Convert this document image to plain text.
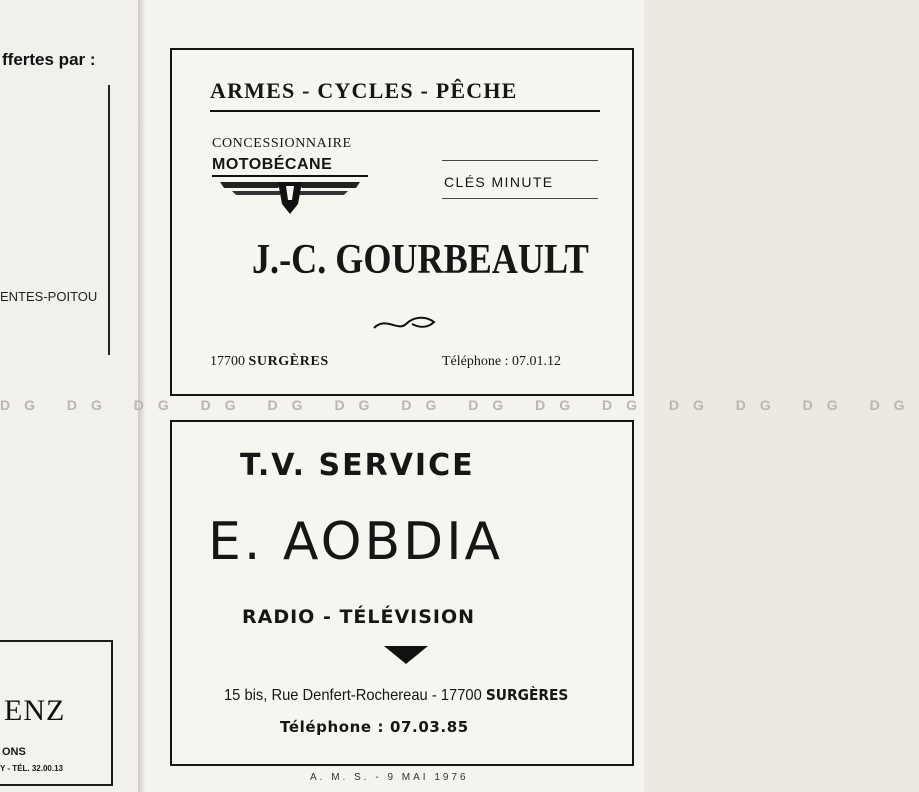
ffertes par :
ENTES-POITOU
ENZ
ONS
Y - TÉL. 32.00.13
ARMES - CYCLES - PÊCHE
CONCESSIONNAIRE
MOTOBÉCANE
CLÉS MINUTE
J.-C. GOURBEAULT
17700 SURGÈRES	Téléphone : 07.01.12
DG DG DG DG DG DG DG DG DG DG DG DG DG DG
T.V. SERVICE
E. AOBDIA
RADIO - TÉLÉVISION
15 bis, Rue Denfert-Rochereau - 17700 SURGÈRES
Téléphone : 07.03.85
A. M. S. - 9 MAI 1976
